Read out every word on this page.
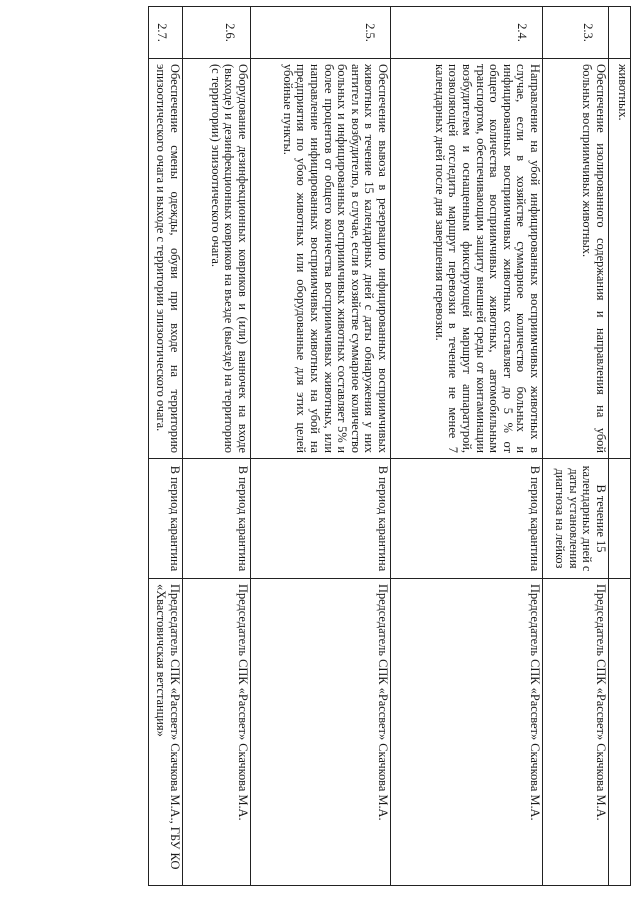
	животных.		
2.3.	Обеспечение изолированного содержания и направления на убой больных восприимчивых животных.	В течение 15 календарных дней с даты установления диагноза на лейкоз	Председатель СПК «Рассвет» Скачкова М.А.
2.4.	Направление на убой инфицированных восприимчивых животных в случае, если в хозяйстве суммарное количество больных и инфицированных восприимчивых животных составляет до 5 % от общего количества восприимчивых животных, автомобильным транспортом, обеспечивающим защиту внешней среды от контаминации возбудителем и оснащенным фиксирующей маршрут аппаратурой, позволяющей отследить маршрут перевозки в течение не менее 7 календарных дней после дня завершения перевозки.	В период карантина	Председатель СПК «Рассвет» Скачкова М.А.
2.5.	Обеспечение вывоза в резервацию инфицированных восприимчивых животных в течение 15 календарных дней с даты обнаружения у них антител к возбудителю, в случае, если в хозяйстве суммарное количество больных и инфицированных восприимчивых животных составляет 5% и более процентов от общего количества восприимчивых животных, или направление инфицированных восприимчивых животных на убой на предприятия по убою животных или оборудованные для этих целей убойные пункты.	В период карантина	Председатель СПК «Рассвет» Скачкова М.А.
2.6.	Оборудование дезинфекционных ковриков и (или) ванночек на входе (выходе) и дезинфекционных ковриков на въезде (выезде) на территорию (с территории) эпизоотического очага.	В период карантина	Председатель СПК «Рассвет» Скачкова М.А.
2.7.	Обеспечение смены одежды, обуви при входе на территорию эпизоотического очага и выходе с территории эпизоотического очага.	В период карантина	Председатель СПК «Рассвет» Скачкова М.А., ГБУ КО «Хвастовичская ветстанция»
